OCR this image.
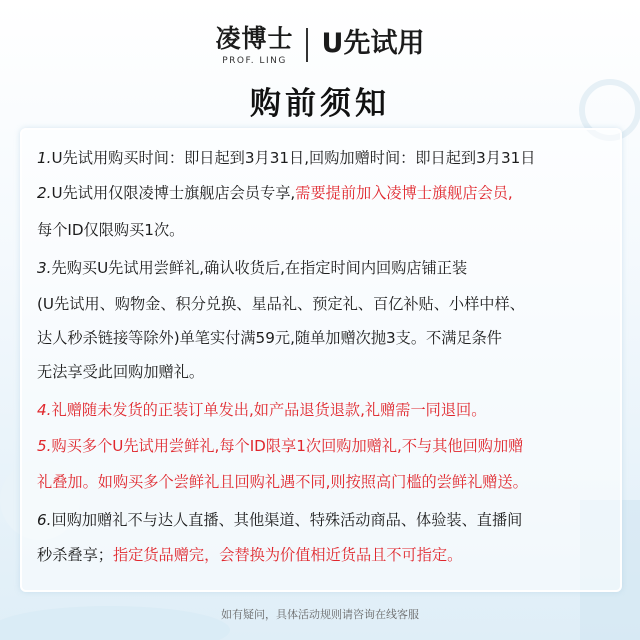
凌博士
PROF. LING
U先试用
购前须知
1.U先试用购买时间：即日起到3月31日,回购加赠时间：即日起到3月31日
2.U先试用仅限凌博士旗舰店会员专享,需要提前加入凌博士旗舰店会员,
每个ID仅限购买1次。
3.先购买U先试用尝鲜礼,确认收货后,在指定时间内回购店铺正装
(U先试用、购物金、积分兑换、星品礼、预定礼、百亿补贴、小样中样、
达人秒杀链接等除外)单笔实付满59元,随单加赠次抛3支。不满足条件
无法享受此回购加赠礼。
4.礼赠随未发货的正装订单发出,如产品退货退款,礼赠需一同退回。
5.购买多个U先试用尝鲜礼,每个ID限享1次回购加赠礼,不与其他回购加赠
礼叠加。如购买多个尝鲜礼且回购礼遇不同,则按照高门槛的尝鲜礼赠送。
6.回购加赠礼不与达人直播、其他渠道、特殊活动商品、体验装、直播间
秒杀叠享；指定货品赠完，会替换为价值相近货品且不可指定。
如有疑问，具体活动规则请咨询在线客服
